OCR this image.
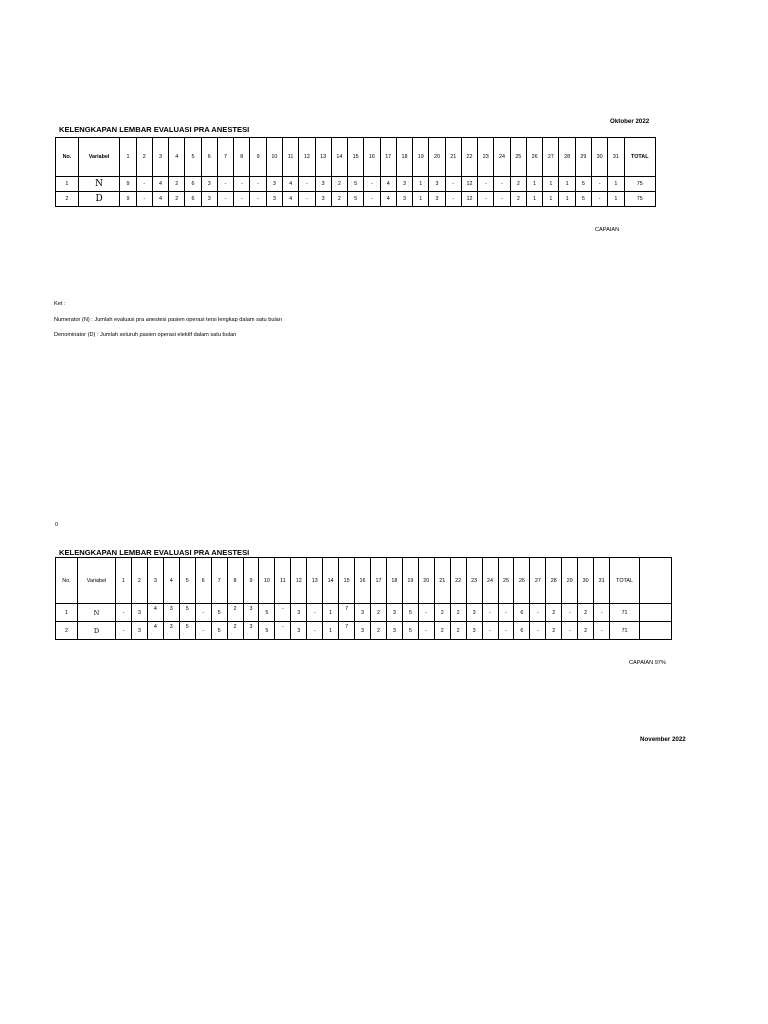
Oktober 2022
KELENGKAPAN LEMBAR EVALUASI PRA ANESTESI
No.	Variabel	1	2	3	4	5	6	7	8	9	10	11	12	13	14	15	16	17	18	19	20	21	22	23	24	25	26	27	28	29	30	31	TOTAL
1	N	9	-	4	2	6	3	-	-	-	3	4	-	3	2	5	-	4	3	1	3	-	12	-	-	2	1	1	1	5	-	1	75
2	D	9	-	4	2	6	3	-	-	-	3	4	-	3	2	5	-	4	3	1	3	-	12	-	-	2	1	1	1	5	-	1	75
CAPAIAN
Ket :
Numerator (N) : Jumlah evaluasi pra anestesi pasien operasi tersi lengkap dalam satu bulan
Denominator (D) : Jumlah seluruh pasien operasi elektif dalam satu bulan
0
KELENGKAPAN LEMBAR EVALUASI PRA ANESTESI
No.	Variabel	1	2	3	4	5	6	7	8	9	10	11	12	13	14	15	16	17	18	19	20	21	22	23	24	25	26	27	28	29	30	31	TOTAL	
1	N	-	3	4	3	5	-	5	2	3	5	-	3	-	1	7	3	2	3	5	-	2	2	3	-	-	6	-	2	-	2	-	71	
2	D	-	3	4	3	5	-	5	2	3	5	-	3	-	1	7	3	2	3	5	-	2	2	3	-	-	6	-	2	-	2	-	71	
CAPAIAN 97%
November 2022
